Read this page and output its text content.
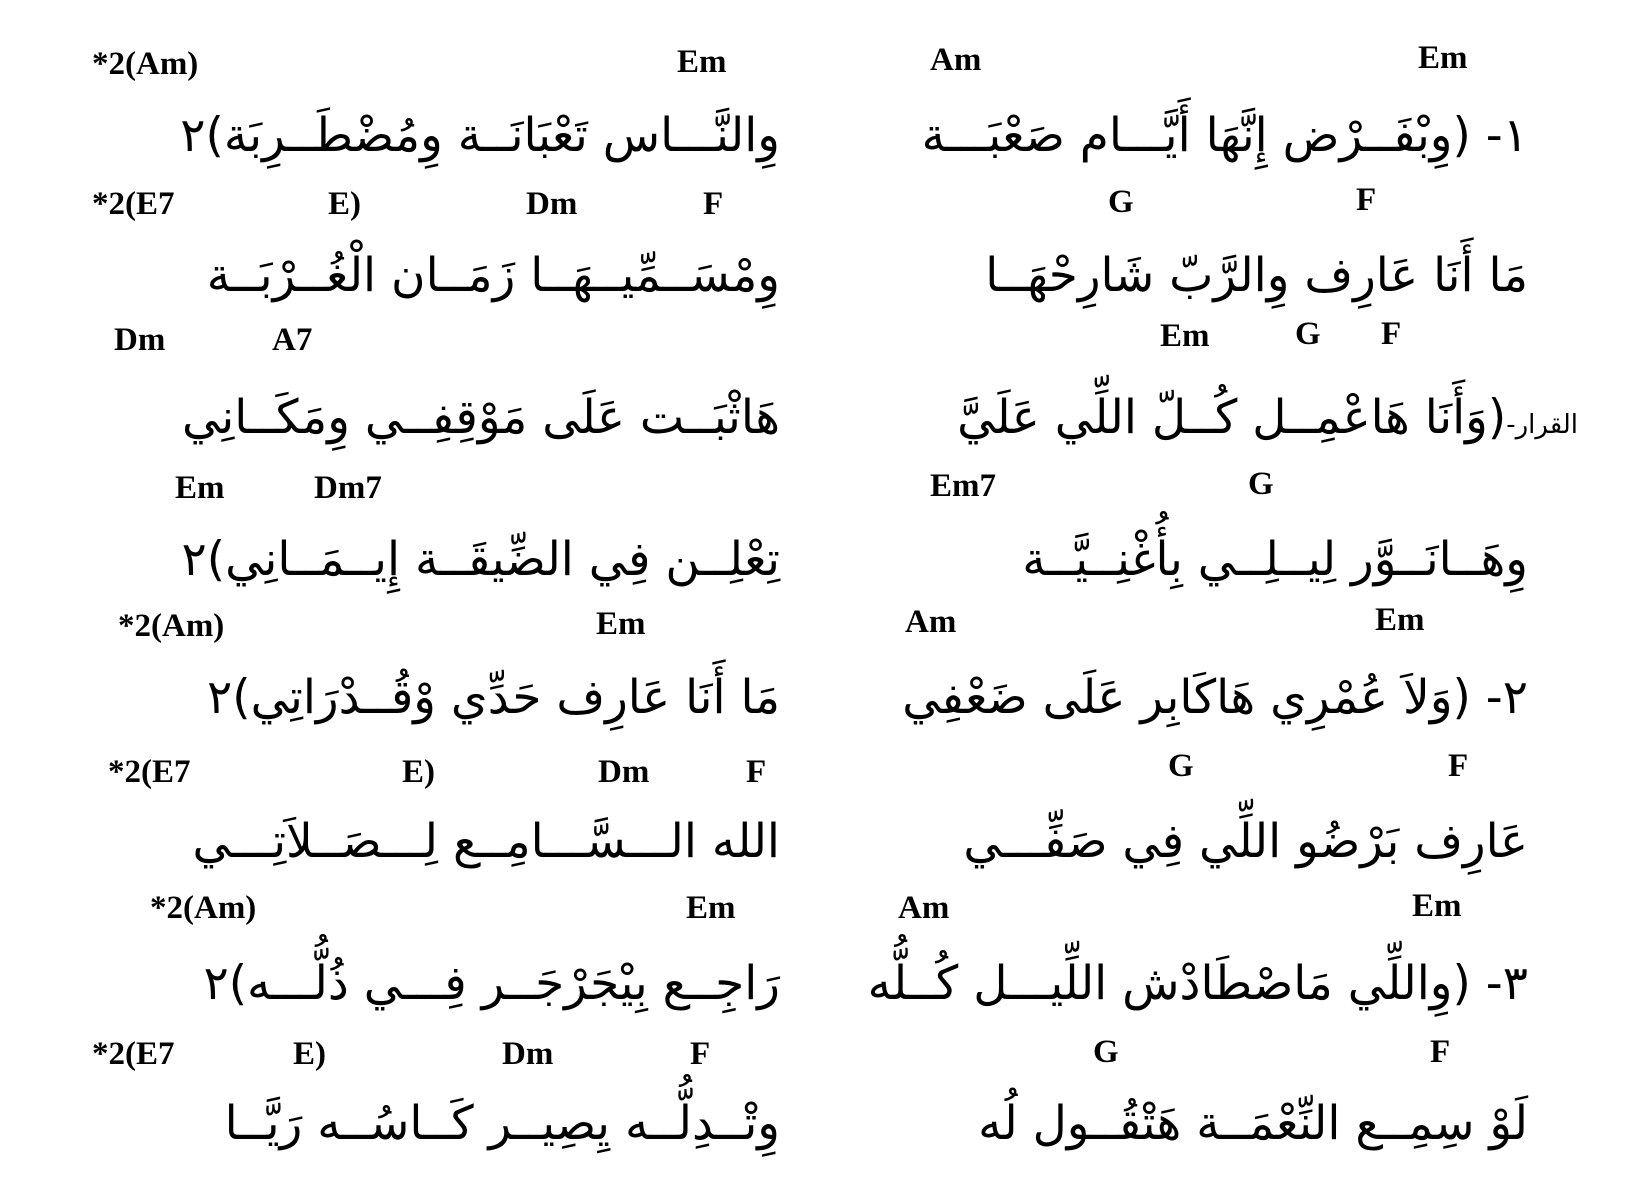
Em
Am
١- (وِبْفَــرْض إِنَّهَا أَيَّـــام صَعْبَـــة
F
G
مَا أَنَا عَارِف وِالرَّبّ شَارِحْهَــا
F
G
Em
القرار-(وَأَنَا هَاعْمِــل كُــلّ اللِّي عَلَيَّ
G
Em7
وِهَــانَــوَّر لِيــلِــي بِأُغْنِــيَّــة
Em
Am
٢- (وَلاَ عُمْرِي هَاكَابِر عَلَى ضَعْفِي
F
G
عَارِف بَرْضُو اللِّي فِي صَفِّـــي
Em
Am
٣- (وِاللِّي مَاصْطَادْش اللِّيـــل كُــلُّه
F
G
لَوْ سِمِــع النِّعْمَــة هَتْقُــول لُه
Em
*2(Am)
وِالنَّـــاس تَعْبَانَــة وِمُضْطَــرِبَة)٢
F
Dm
E)
*2(E7
وِمْسَــمِّيــهَــا زَمَــان الْغُــرْبَــة
A7
Dm
هَاثْبَــت عَلَى مَوْقِفِــي وِمَكَــانِي
Dm7
Em
تِعْلِــن فِي الضِّيقَــة إِيــمَــانِي)٢
Em
*2(Am)
مَا أَنَا عَارِف حَدِّي وْقُــدْرَاتِي)٢
F
Dm
E)
*2(E7
الله الـــسَّـــامِــع لِـــصَــلاَتِـــي
Em
*2(Am)
رَاجِــع بِيْجَرْجَــر فِـــي ذُلُّـــه)٢
F
Dm
E)
*2(E7
وِتْــدِلُّــه يِصِيــر كَــاسُــه رَيَّــا
